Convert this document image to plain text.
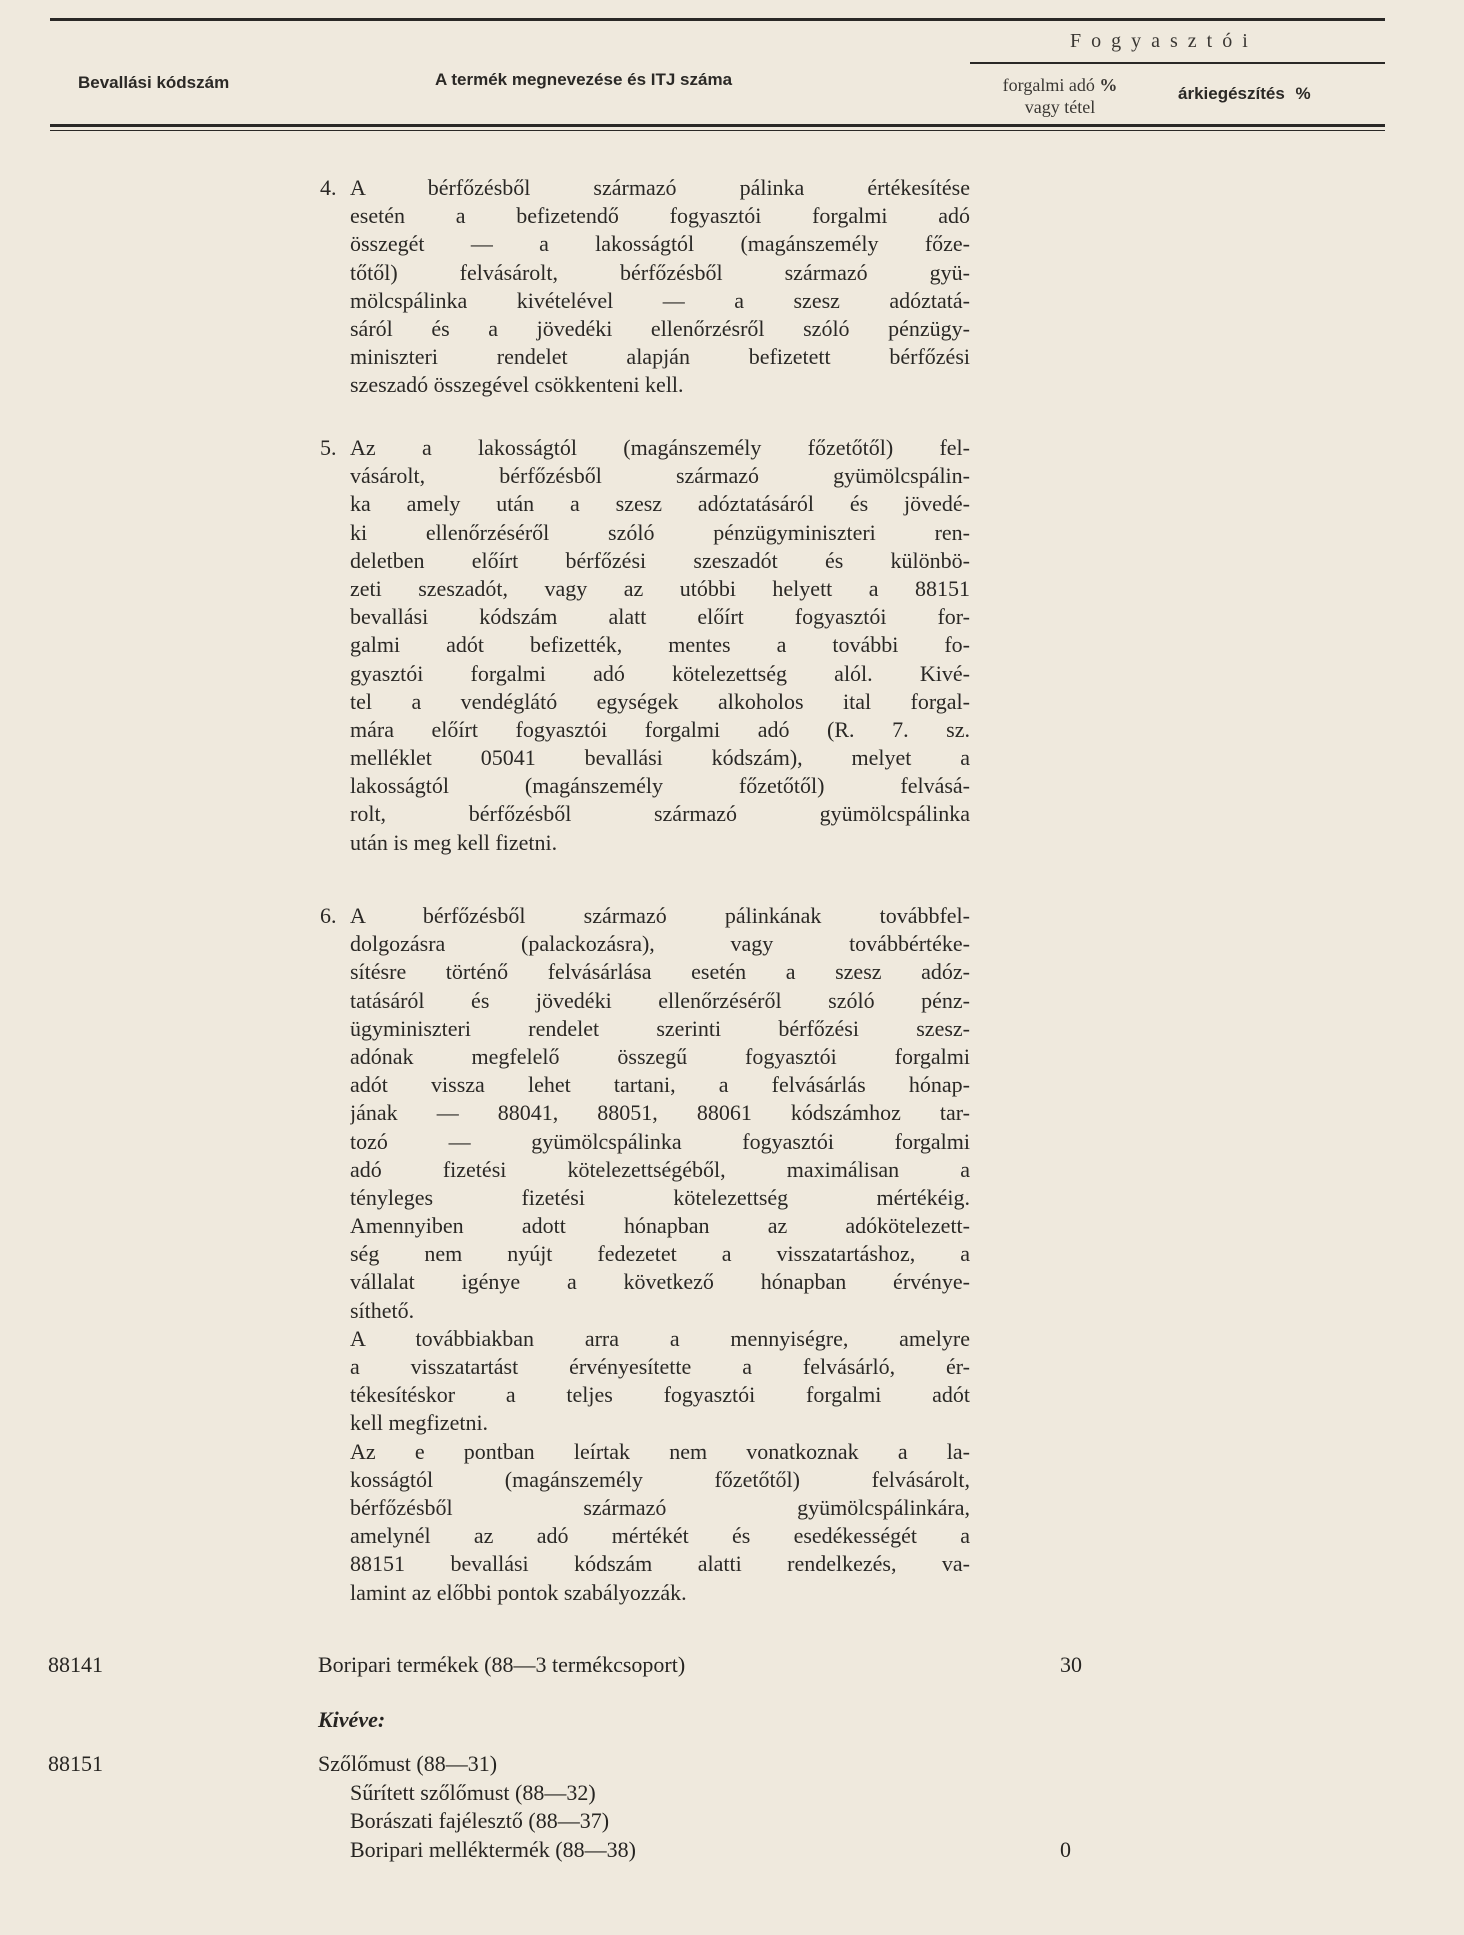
Bevallási kódszám	A termék megnevezése és ITJ száma
Fogyasztói
forgalmi adó %
vagy tétel
árkiegészítés %
4. A bérfőzésből származó pálinka értékesítése
esetén a befizetendő fogyasztói forgalmi adó
összegét — a lakosságtól (magánszemély főze-
tőtől) felvásárolt, bérfőzésből származó gyü-
mölcspálinka kivételével — a szesz adóztatá-
sáról és a jövedéki ellenőrzésről szóló pénzügy-
miniszteri rendelet alapján befizetett bérfőzési
szeszadó összegével csökkenteni kell.
5. Az a lakosságtól (magánszemély főzetőtől) fel-
vásárolt, bérfőzésből származó gyümölcspálin-
ka amely után a szesz adóztatásáról és jövedé-
ki ellenőrzéséről szóló pénzügyminiszteri ren-
deletben előírt bérfőzési szeszadót és különbö-
zeti szeszadót, vagy az utóbbi helyett a 88151
bevallási kódszám alatt előírt fogyasztói for-
galmi adót befizették, mentes a további fo-
gyasztói forgalmi adó kötelezettség alól. Kivé-
tel a vendéglátó egységek alkoholos ital forgal-
mára előírt fogyasztói forgalmi adó (R. 7. sz.
melléklet 05041 bevallási kódszám), melyet a
lakosságtól (magánszemély főzetőtől) felvásá-
rolt, bérfőzésből származó gyümölcspálinka
után is meg kell fizetni.
6. A bérfőzésből származó pálinkának továbbfel-
dolgozásra (palackozásra), vagy továbbértéke-
sítésre történő felvásárlása esetén a szesz adóz-
tatásáról és jövedéki ellenőrzéséről szóló pénz-
ügyminiszteri rendelet szerinti bérfőzési szesz-
adónak megfelelő összegű fogyasztói forgalmi
adót vissza lehet tartani, a felvásárlás hónap-
jának — 88041, 88051, 88061 kódszámhoz tar-
tozó — gyümölcspálinka fogyasztói forgalmi
adó fizetési kötelezettségéből, maximálisan a
tényleges fizetési kötelezettség mértékéig.
Amennyiben adott hónapban az adókötelezett-
ség nem nyújt fedezetet a visszatartáshoz, a
vállalat igénye a következő hónapban érvénye-
síthető.
A továbbiakban arra a mennyiségre, amelyre
a visszatartást érvényesítette a felvásárló, ér-
tékesítéskor a teljes fogyasztói forgalmi adót
kell megfizetni.
Az e pontban leírtak nem vonatkoznak a la-
kosságtól (magánszemély főzetőtől) felvásárolt,
bérfőzésből származó gyümölcspálinkára,
amelynél az adó mértékét és esedékességét a
88151 bevallási kódszám alatti rendelkezés, va-
lamint az előbbi pontok szabályozzák.
88141	Boripari termékek (88—3 termékcsoport)	30
Kivéve:
88151	Szőlőmust (88—31)
Sűrített szőlőmust (88—32)
Borászati fajélesztő (88—37)
Boripari melléktermék (88—38)	0
